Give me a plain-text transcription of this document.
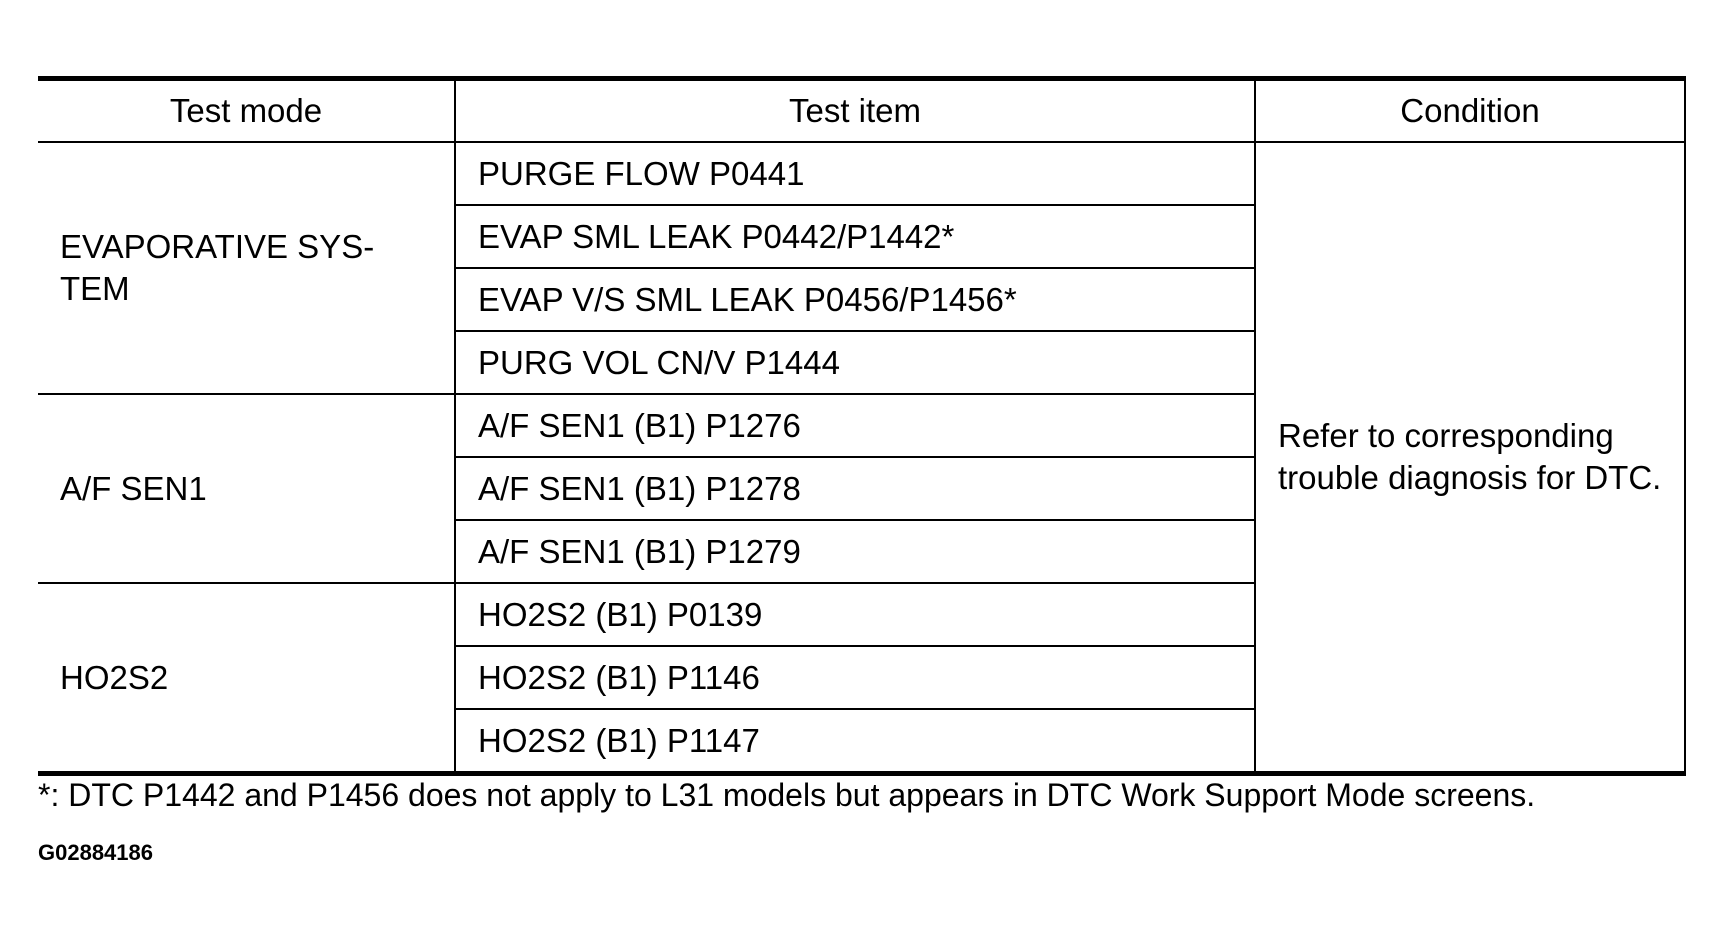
Test mode	Test item	Condition
EVAPORATIVE SYS-
TEM	PURGE FLOW P0441	Refer to corresponding trouble diagnosis for DTC.
	EVAP SML LEAK P0442/P1442*	
	EVAP V/S SML LEAK P0456/P1456*	
	PURG VOL CN/V P1444	
A/F SEN1	A/F SEN1 (B1) P1276	
	A/F SEN1 (B1) P1278	
	A/F SEN1 (B1) P1279	
HO2S2	HO2S2 (B1) P0139	
	HO2S2 (B1) P1146	
	HO2S2 (B1) P1147	
*: DTC P1442 and P1456 does not apply to L31 models but appears in DTC Work Support Mode screens.
G02884186
